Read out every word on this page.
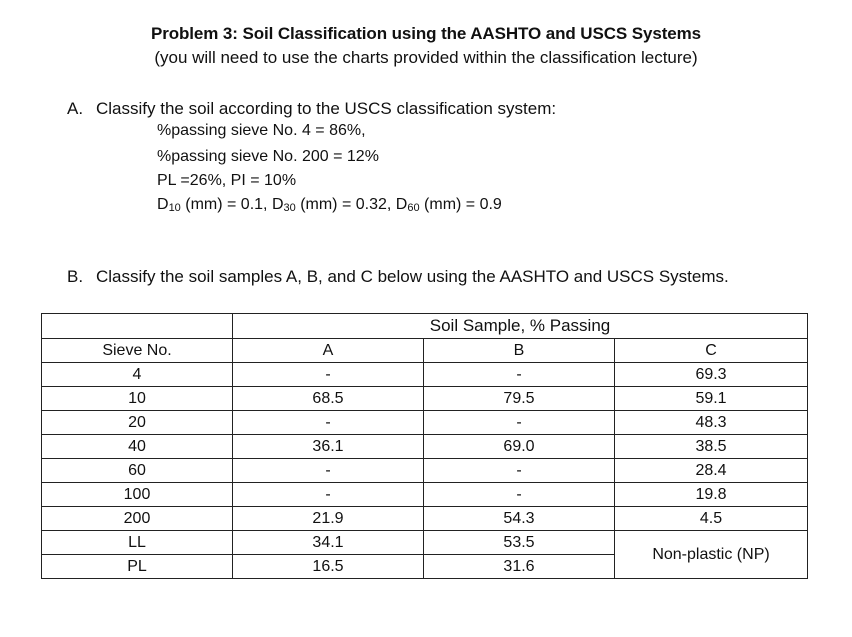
Problem 3: Soil Classification using the AASHTO and USCS Systems
(you will need to use the charts provided within the classification lecture)
A. Classify the soil according to the USCS classification system:
%passing sieve No. 4 = 86%,
%passing sieve No. 200 = 12%
PL =26%, PI = 10%
$D_{10}$ (mm) = 0.1, $D_{30}$ (mm) = 0.32, $D_{60}$ (mm) = 0.9
B. Classify the soil samples A, B, and C below using the AASHTO and USCS Systems.
	Soil Sample, % Passing		
Sieve No.	A	B	C
4	-	-	69.3
10	68.5	79.5	59.1
20	-	-	48.3
40	36.1	69.0	38.5
60	-	-	28.4
100	-	-	19.8
200	21.9	54.3	4.5
LL	34.1	53.5	Non-plastic (NP)
PL	16.5	31.6	
